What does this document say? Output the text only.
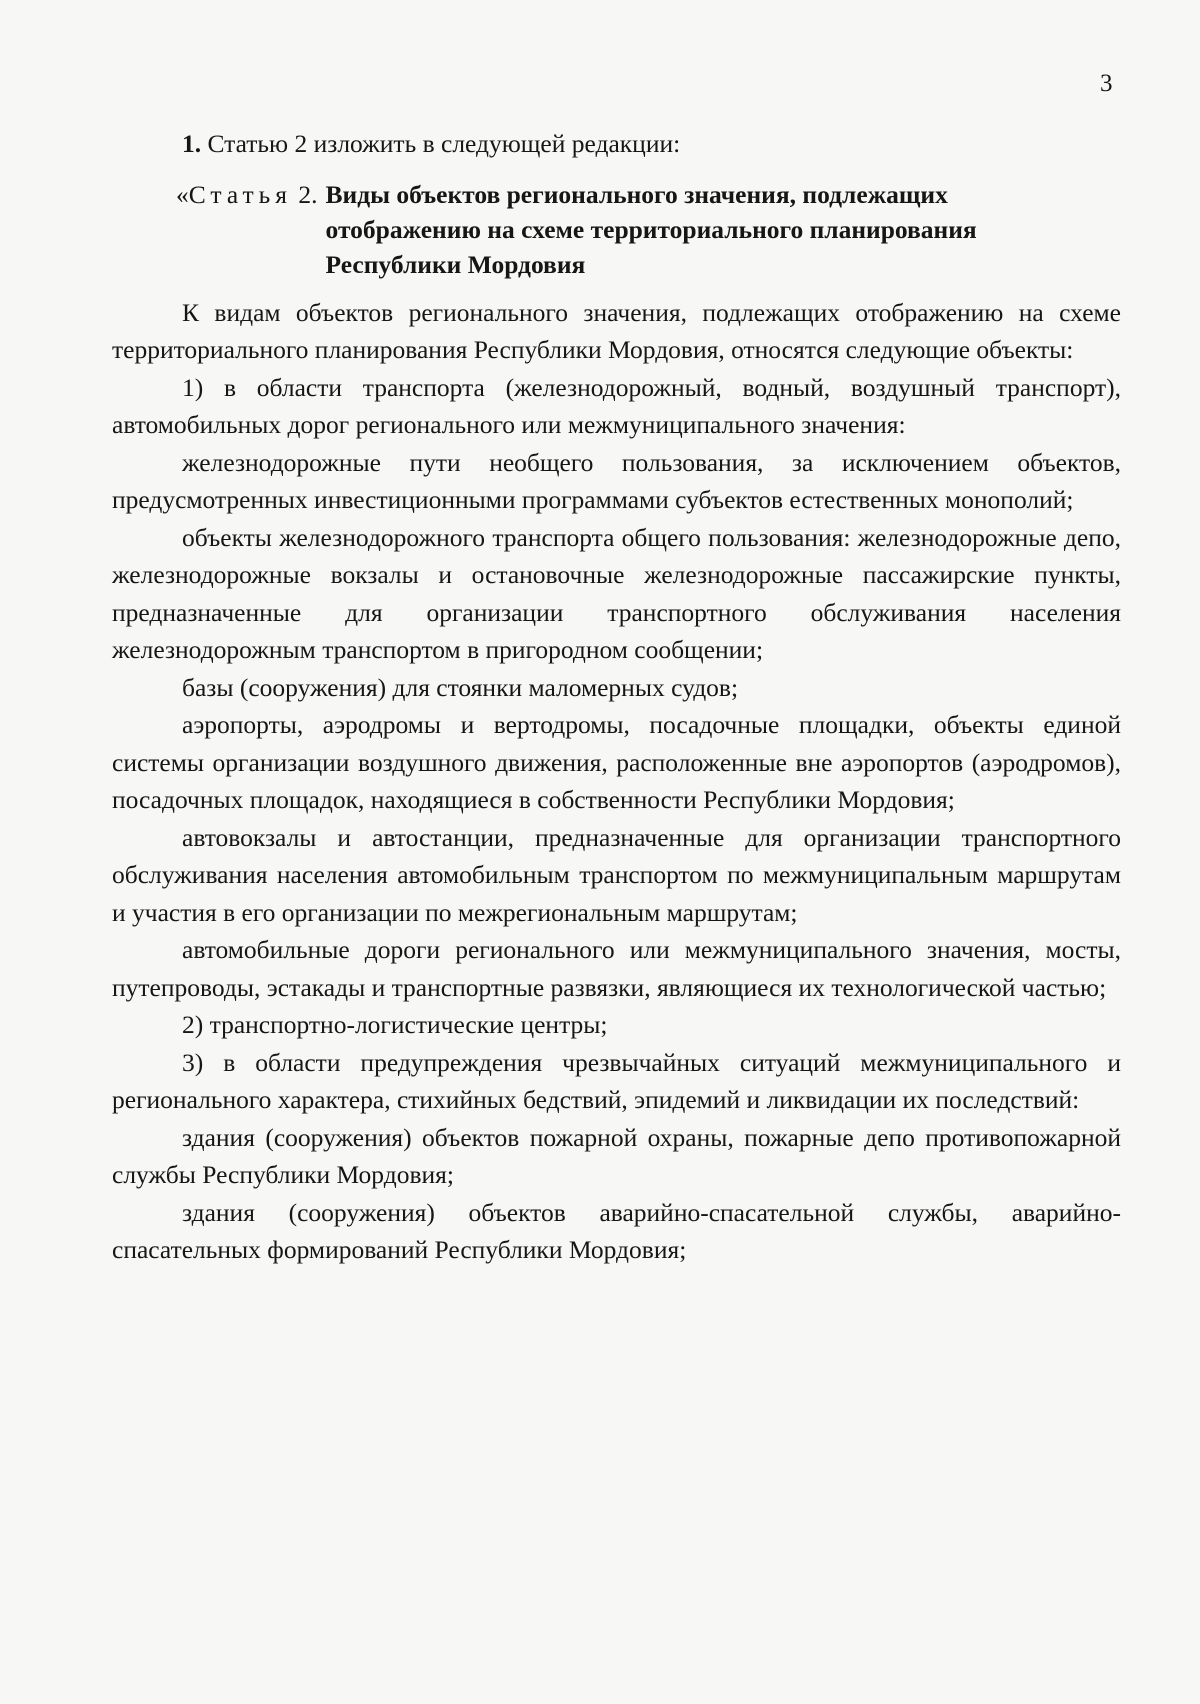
3

1. Статью 2 изложить в следующей редакции:

«Статья 2. Виды объектов регионального значения, подлежащих отображению на схеме территориального планирования Республики Мордовия

К видам объектов регионального значения, подлежащих отображению на схеме территориального планирования Республики Мордовия, относятся следующие объекты:

1) в области транспорта (железнодорожный, водный, воздушный транспорт), автомобильных дорог регионального или межмуниципального значения:

железнодорожные пути необщего пользования, за исключением объектов, предусмотренных инвестиционными программами субъектов естественных монополий;

объекты железнодорожного транспорта общего пользования: железнодорожные депо, железнодорожные вокзалы и остановочные железнодорожные пассажирские пункты, предназначенные для организации транспортного обслуживания населения железнодорожным транспортом в пригородном сообщении;

базы (сооружения) для стоянки маломерных судов;

аэропорты, аэродромы и вертодромы, посадочные площадки, объекты единой системы организации воздушного движения, расположенные вне аэропортов (аэродромов), посадочных площадок, находящиеся в собственности Республики Мордовия;

автовокзалы и автостанции, предназначенные для организации транспортного обслуживания населения автомобильным транспортом по межмуниципальным маршрутам и участия в его организации по межрегиональным маршрутам;

автомобильные дороги регионального или межмуниципального значения, мосты, путепроводы, эстакады и транспортные развязки, являющиеся их технологической частью;

2) транспортно-логистические центры;

3) в области предупреждения чрезвычайных ситуаций межмуниципального и регионального характера, стихийных бедствий, эпидемий и ликвидации их последствий:

здания (сооружения) объектов пожарной охраны, пожарные депо противопожарной службы Республики Мордовия;

здания (сооружения) объектов аварийно-спасательной службы, аварийно-спасательных формирований Республики Мордовия;
